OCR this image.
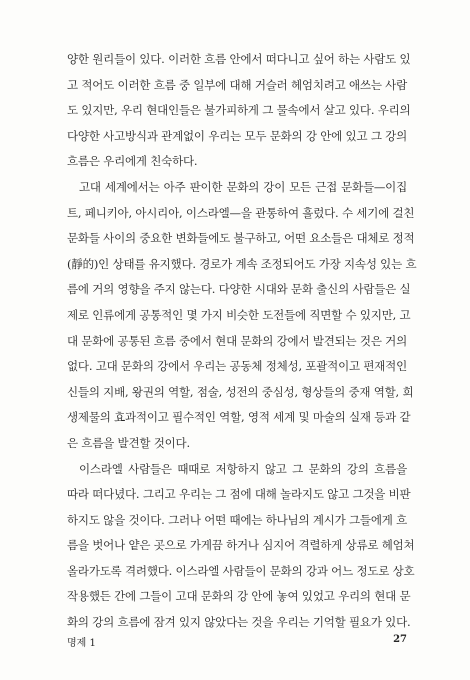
양한 원리들이 있다. 이러한 흐름 안에서 떠다니고 싶어 하는 사람도 있
고 적어도 이러한 흐름 중 일부에 대해 거슬러 헤엄치려고 애쓰는 사람
도 있지만, 우리 현대인들은 불가피하게 그 물속에서 살고 있다. 우리의
다양한 사고방식과 관계없이 우리는 모두 문화의 강 안에 있고 그 강의
흐름은 우리에게 친숙하다.
고대 세계에서는 아주 판이한 문화의 강이 모든 근접 문화들—이집
트, 페니키아, 아시리아, 이스라엘—을 관통하여 흘렀다. 수 세기에 걸친
문화들 사이의 중요한 변화들에도 불구하고, 어떤 요소들은 대체로 정적
(靜的)인 상태를 유지했다. 경로가 계속 조정되어도 가장 지속성 있는 흐
름에 거의 영향을 주지 않는다. 다양한 시대와 문화 출신의 사람들은 실
제로 인류에게 공통적인 몇 가지 비슷한 도전들에 직면할 수 있지만, 고
대 문화에 공통된 흐름 중에서 현대 문화의 강에서 발견되는 것은 거의
없다. 고대 문화의 강에서 우리는 공동체 정체성, 포괄적이고 편재적인
신들의 지배, 왕권의 역할, 점술, 성전의 중심성, 형상들의 중재 역할, 희
생제물의 효과적이고 필수적인 역할, 영적 세계 및 마술의 실재 등과 같
은 흐름을 발견할 것이다.
이스라엘 사람들은 때때로 저항하지 않고 그 문화의 강의 흐름을
따라 떠다녔다. 그리고 우리는 그 점에 대해 놀라지도 않고 그것을 비판
하지도 않을 것이다. 그러나 어떤 때에는 하나님의 계시가 그들에게 흐
름을 벗어나 얕은 곳으로 가게끔 하거나 심지어 격렬하게 상류로 헤엄쳐
올라가도록 격려했다. 이스라엘 사람들이 문화의 강과 어느 정도로 상호
작용했든 간에 그들이 고대 문화의 강 안에 놓여 있었고 우리의 현대 문
화의 강의 흐름에 잠겨 있지 않았다는 것을 우리는 기억할 필요가 있다.
명제 1	27
